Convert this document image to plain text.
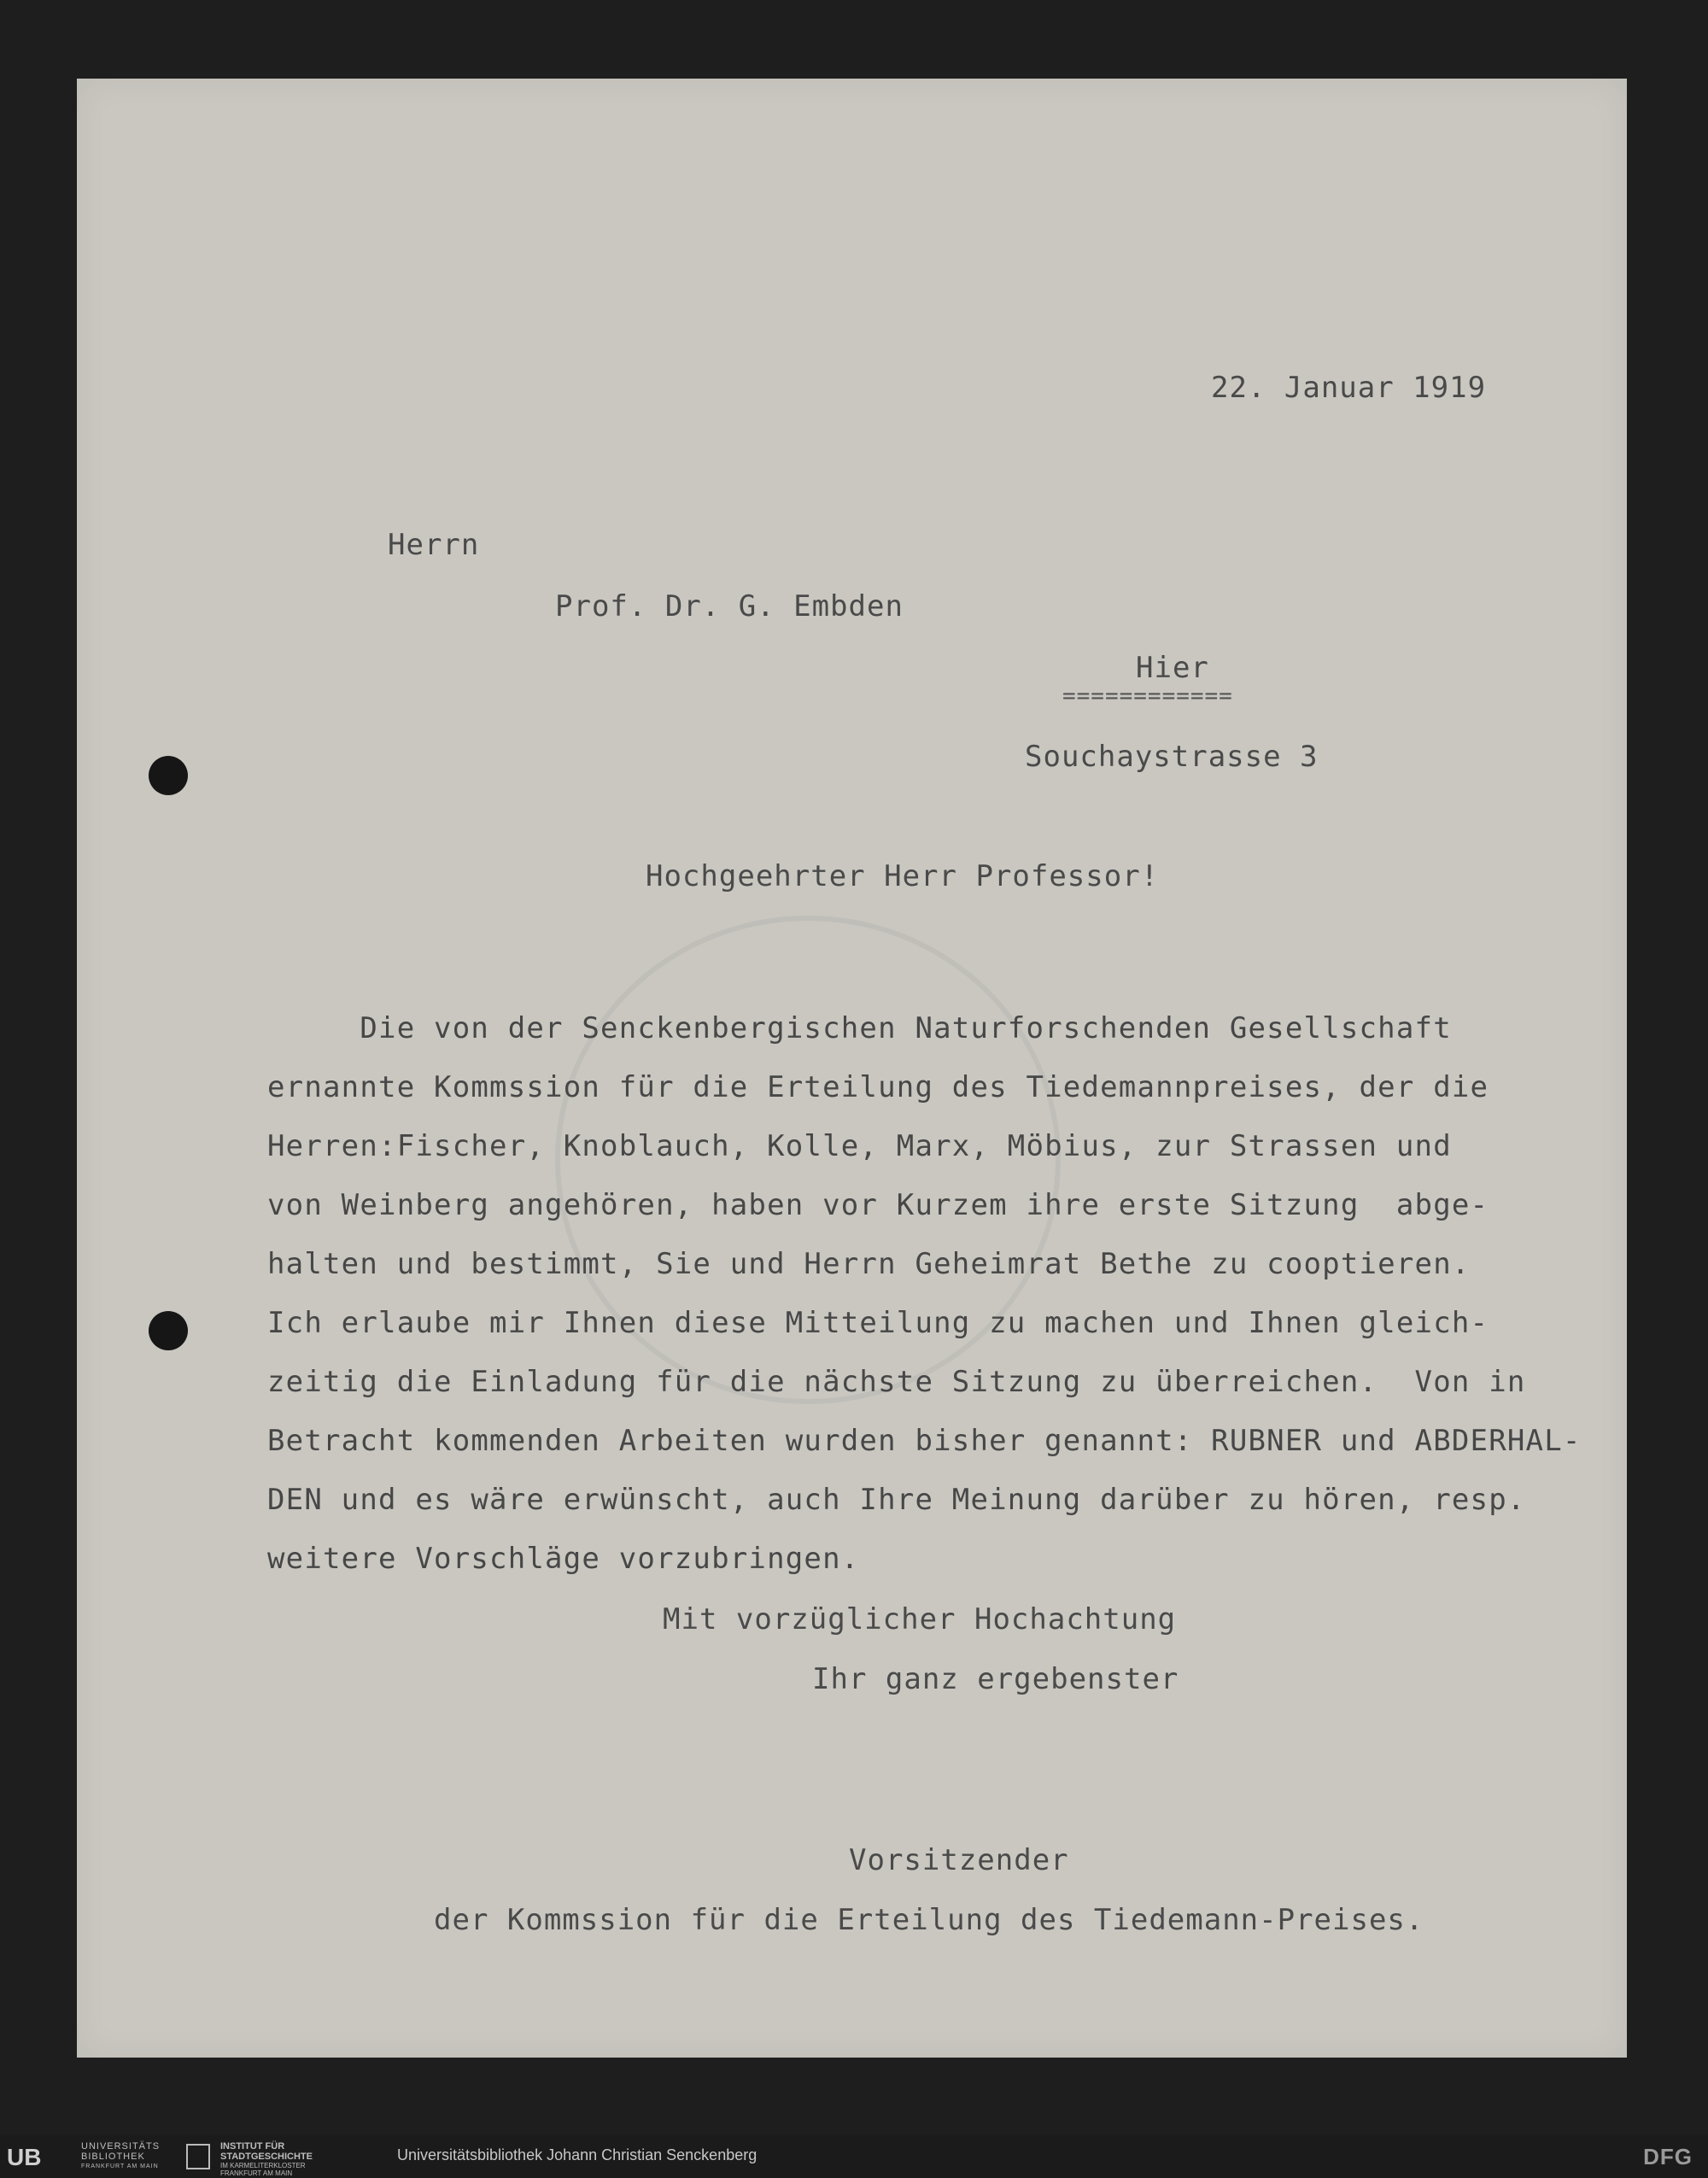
22. Januar 1919
Herrn
Prof. Dr. G. Embden
Hier
============
Souchaystrasse 3
Hochgeehrter Herr Professor!
Die von der Senckenbergischen Naturforschenden Gesellschaft
ernannte Kommssion für die Erteilung des Tiedemannpreises, der die
Herren:Fischer, Knoblauch, Kolle, Marx, Möbius, zur Strassen und
von Weinberg angehören, haben vor Kurzem ihre erste Sitzung  abge-
halten und bestimmt, Sie und Herrn Geheimrat Bethe zu cooptieren.
Ich erlaube mir Ihnen diese Mitteilung zu machen und Ihnen gleich-
zeitig die Einladung für die nächste Sitzung zu überreichen.  Von in
Betracht kommenden Arbeiten wurden bisher genannt: RUBNER und ABDERHAL-
DEN und es wäre erwünscht, auch Ihre Meinung darüber zu hören, resp.
weitere Vorschläge vorzubringen.
Mit vorzüglicher Hochachtung
Ihr ganz ergebenster
Vorsitzender
der Kommssion für die Erteilung des Tiedemann-Preises.
UB	UNIVERSITÄTS
BIBLIOTHEK
FRANKFURT AM MAIN
INSTITUT FÜR
STADTGESCHICHTE
IM KARMELITERKLOSTER
FRANKFURT AM MAIN
Universitätsbibliothek Johann Christian Senckenberg	DFG
